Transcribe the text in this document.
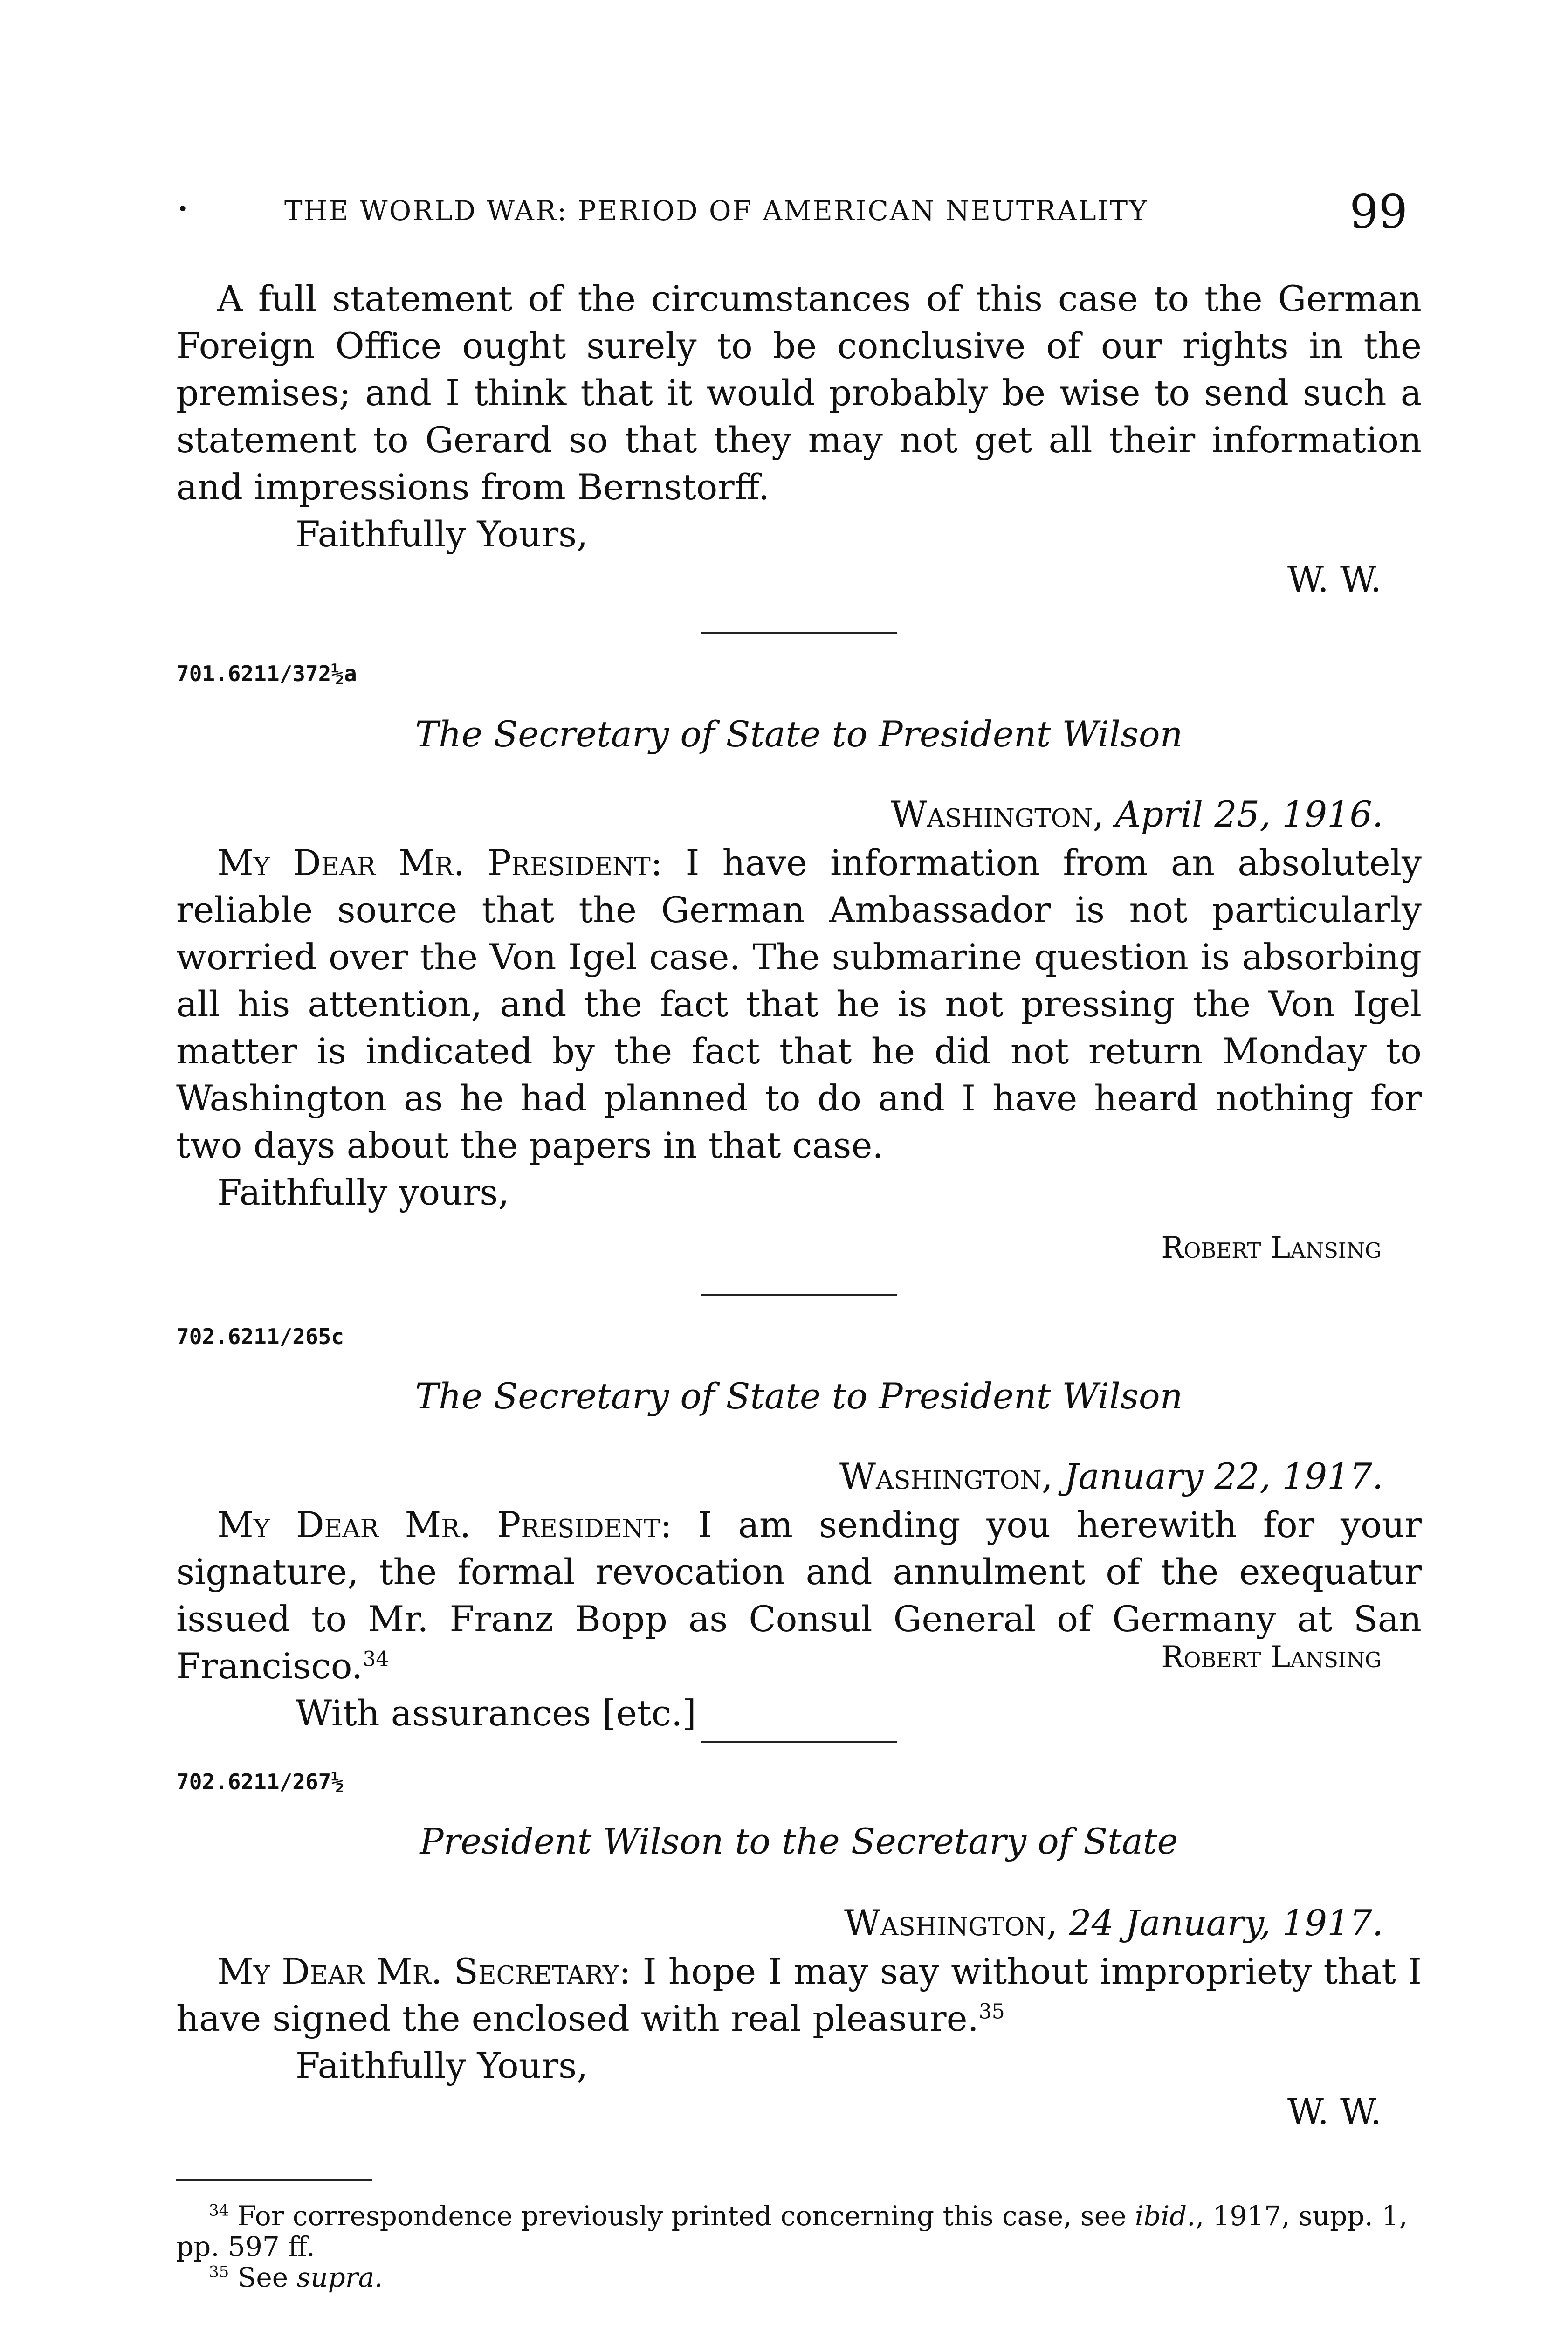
•	THE WORLD WAR: PERIOD OF AMERICAN NEUTRALITY	99

A full statement of the circumstances of this case to the German Foreign Office ought surely to be conclusive of our rights in the premises; and I think that it would probably be wise to send such a statement to Gerard so that they may not get all their information and impressions from Bernstorff.

Faithfully Yours,

W. W.
701.6211/372½a
The Secretary of State to President Wilson
Washington, April 25, 1916.

My Dear Mr. President: I have information from an absolutely reliable source that the German Ambassador is not particularly worried over the Von Igel case. The submarine question is absorbing all his attention, and the fact that he is not pressing the Von Igel matter is indicated by the fact that he did not return Monday to Washington as he had planned to do and I have heard nothing for two days about the papers in that case.

Faithfully yours,

Robert Lansing
702.6211/265c
The Secretary of State to President Wilson
Washington, January 22, 1917.

My Dear Mr. President: I am sending you herewith for your signature, the formal revocation and annulment of the exequatur issued to Mr. Franz Bopp as Consul General of Germany at San Francisco.$^{34}$

With assurances [etc.]

Robert Lansing
702.6211/267½
President Wilson to the Secretary of State
Washington, 24 January, 1917.

My Dear Mr. Secretary: I hope I may say without impropriety that I have signed the enclosed with real pleasure.$^{35}$

Faithfully Yours,

W. W.

$^{34}$ For correspondence previously printed concerning this case, see ibid., 1917, supp. 1, pp. 597 ff.

$^{35}$ See supra.
